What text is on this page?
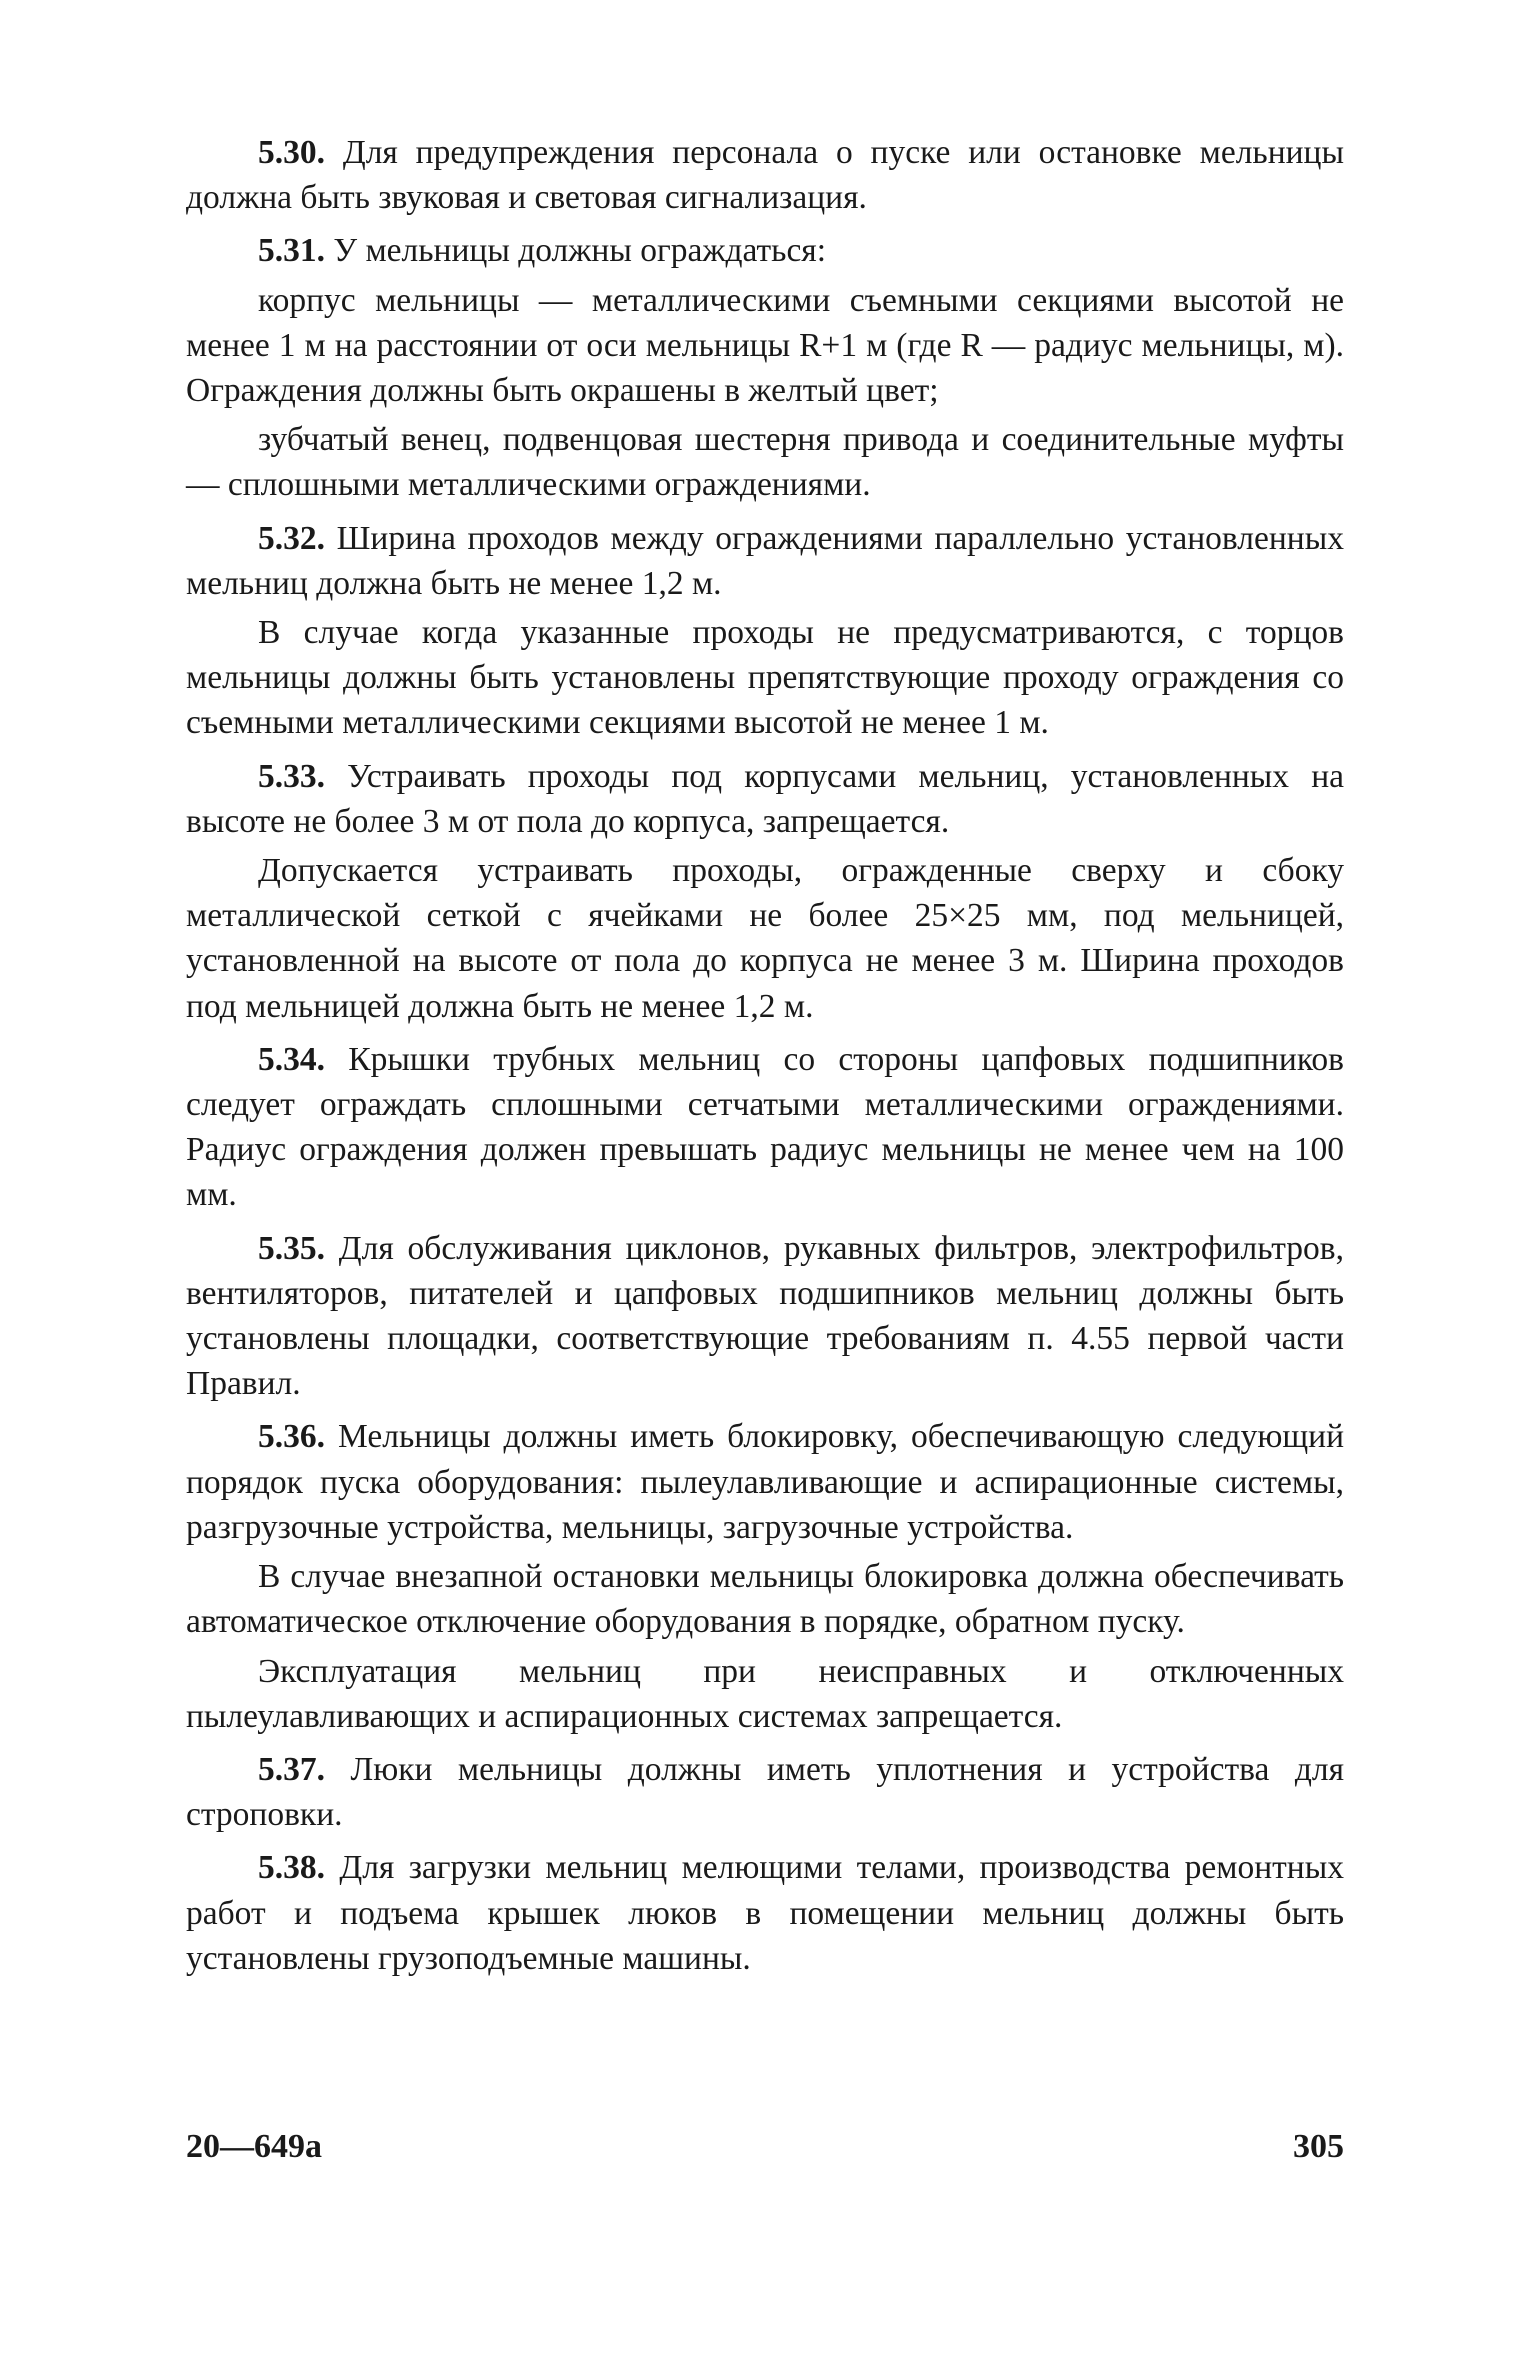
5.30. Для предупреждения персонала о пуске или остановке мельницы должна быть звуковая и световая сигнализация.

5.31. У мельницы должны ограждаться:

корпус мельницы — металлическими съемными секциями высотой не менее 1 м на расстоянии от оси мельницы R+1 м (где R — радиус мельницы, м). Ограждения должны быть окрашены в желтый цвет;

зубчатый венец, подвенцовая шестерня привода и соединительные муфты — сплошными металлическими ограждениями.

5.32. Ширина проходов между ограждениями параллельно установленных мельниц должна быть не менее 1,2 м.

В случае когда указанные проходы не предусматриваются, с торцов мельницы должны быть установлены препятствующие проходу ограждения со съемными металлическими секциями высотой не менее 1 м.

5.33. Устраивать проходы под корпусами мельниц, установленных на высоте не более 3 м от пола до корпуса, запрещается.

Допускается устраивать проходы, огражденные сверху и сбоку металлической сеткой с ячейками не более 25×25 мм, под мельницей, установленной на высоте от пола до корпуса не менее 3 м. Ширина проходов под мельницей должна быть не менее 1,2 м.

5.34. Крышки трубных мельниц со стороны цапфовых подшипников следует ограждать сплошными сетчатыми металлическими ограждениями. Радиус ограждения должен превышать радиус мельницы не менее чем на 100 мм.

5.35. Для обслуживания циклонов, рукавных фильтров, электрофильтров, вентиляторов, питателей и цапфовых подшипников мельниц должны быть установлены площадки, соответствующие требованиям п. 4.55 первой части Правил.

5.36. Мельницы должны иметь блокировку, обеспечивающую следующий порядок пуска оборудования: пылеулавливающие и аспирационные системы, разгрузочные устройства, мельницы, загрузочные устройства.

В случае внезапной остановки мельницы блокировка должна обеспечивать автоматическое отключение оборудования в порядке, обратном пуску.

Эксплуатация мельниц при неисправных и отключенных пылеулавливающих и аспирационных системах запрещается.

5.37. Люки мельницы должны иметь уплотнения и устройства для строповки.

5.38. Для загрузки мельниц мелющими телами, производства ремонтных работ и подъема крышек люков в помещении мельниц должны быть установлены грузоподъемные машины.

20—649а	305
